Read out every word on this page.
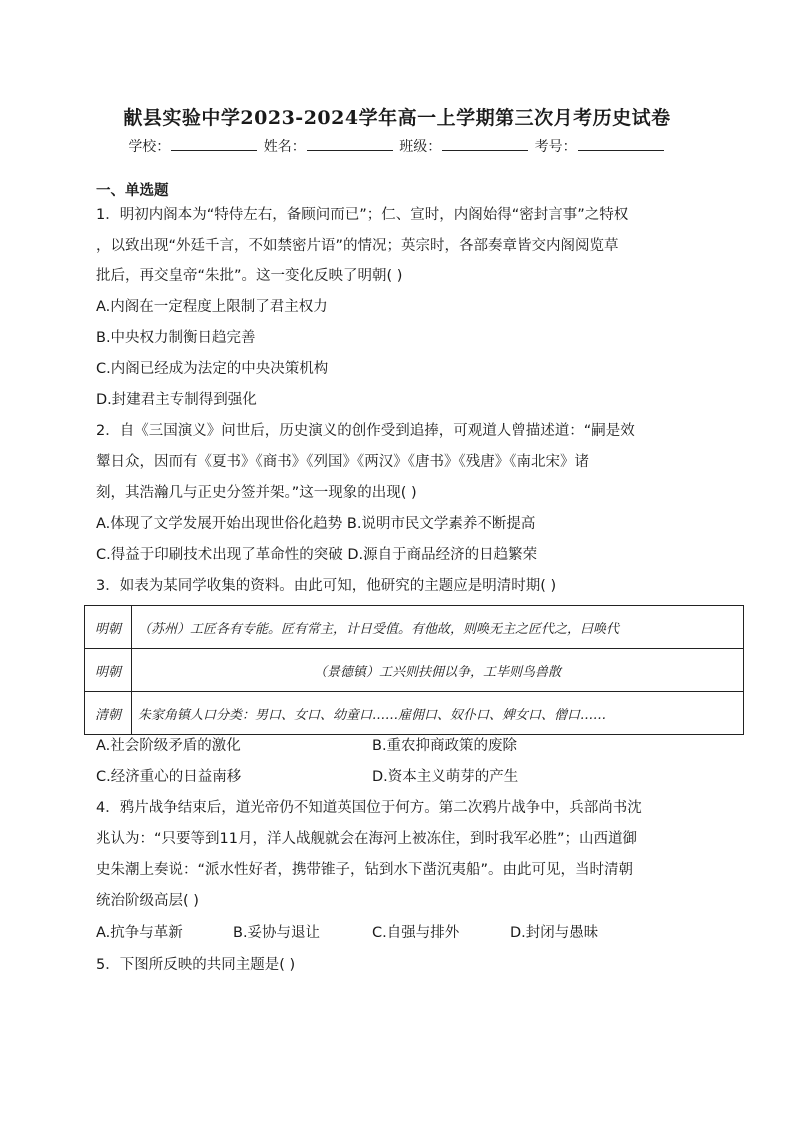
献县实验中学2023-2024学年高一上学期第三次月考历史试卷
学校：	姓名：	班级：	考号：
一、单选题
1．明初内阁本为“特侍左右，备顾问而已”；仁、宣时，内阁始得“密封言事”之特权
，以致出现“外廷千言，不如禁密片语”的情况；英宗时，各部奏章皆交内阁阅览草
批后，再交皇帝“朱批”。这一变化反映了明朝( )
A.内阁在一定程度上限制了君主权力
B.中央权力制衡日趋完善
C.内阁已经成为法定的中央决策机构
D.封建君主专制得到强化
2．自《三国演义》问世后，历史演义的创作受到追捧，可观道人曾描述道：“嗣是效
颦日众，因而有《夏书》《商书》《列国》《两汉》《唐书》《残唐》《南北宋》诸
刻，其浩瀚几与正史分签并架。”这一现象的出现( )
A.体现了文学发展开始出现世俗化趋势 B.说明市民文学素养不断提高
C.得益于印刷技术出现了革命性的突破 D.源自于商品经济的日趋繁荣
3．如表为某同学收集的资料。由此可知，他研究的主题应是明清时期( )
明朝	（苏州）工匠各有专能。匠有常主，计日受值。有他故，则唤无主之匠代之，曰唤代
明朝	（景德镇）工兴则扶佣以争，工毕则鸟兽散
清朝	朱家角镇人口分类：男口、女口、幼童口……雇佣口、奴仆口、婢女口、僧口……
A.社会阶级矛盾的激化	B.重农抑商政策的废除
C.经济重心的日益南移	D.资本主义萌芽的产生
4．鸦片战争结束后，道光帝仍不知道英国位于何方。第二次鸦片战争中，兵部尚书沈
兆认为：“只要等到11月，洋人战舰就会在海河上被冻住，到时我军必胜”；山西道御
史朱潮上奏说：“派水性好者，携带锥子，钻到水下凿沉夷船”。由此可见，当时清朝
统治阶级高层( )
A.抗争与革新	B.妥协与退让	C.自强与排外	D.封闭与愚昧
5．下图所反映的共同主题是( )
